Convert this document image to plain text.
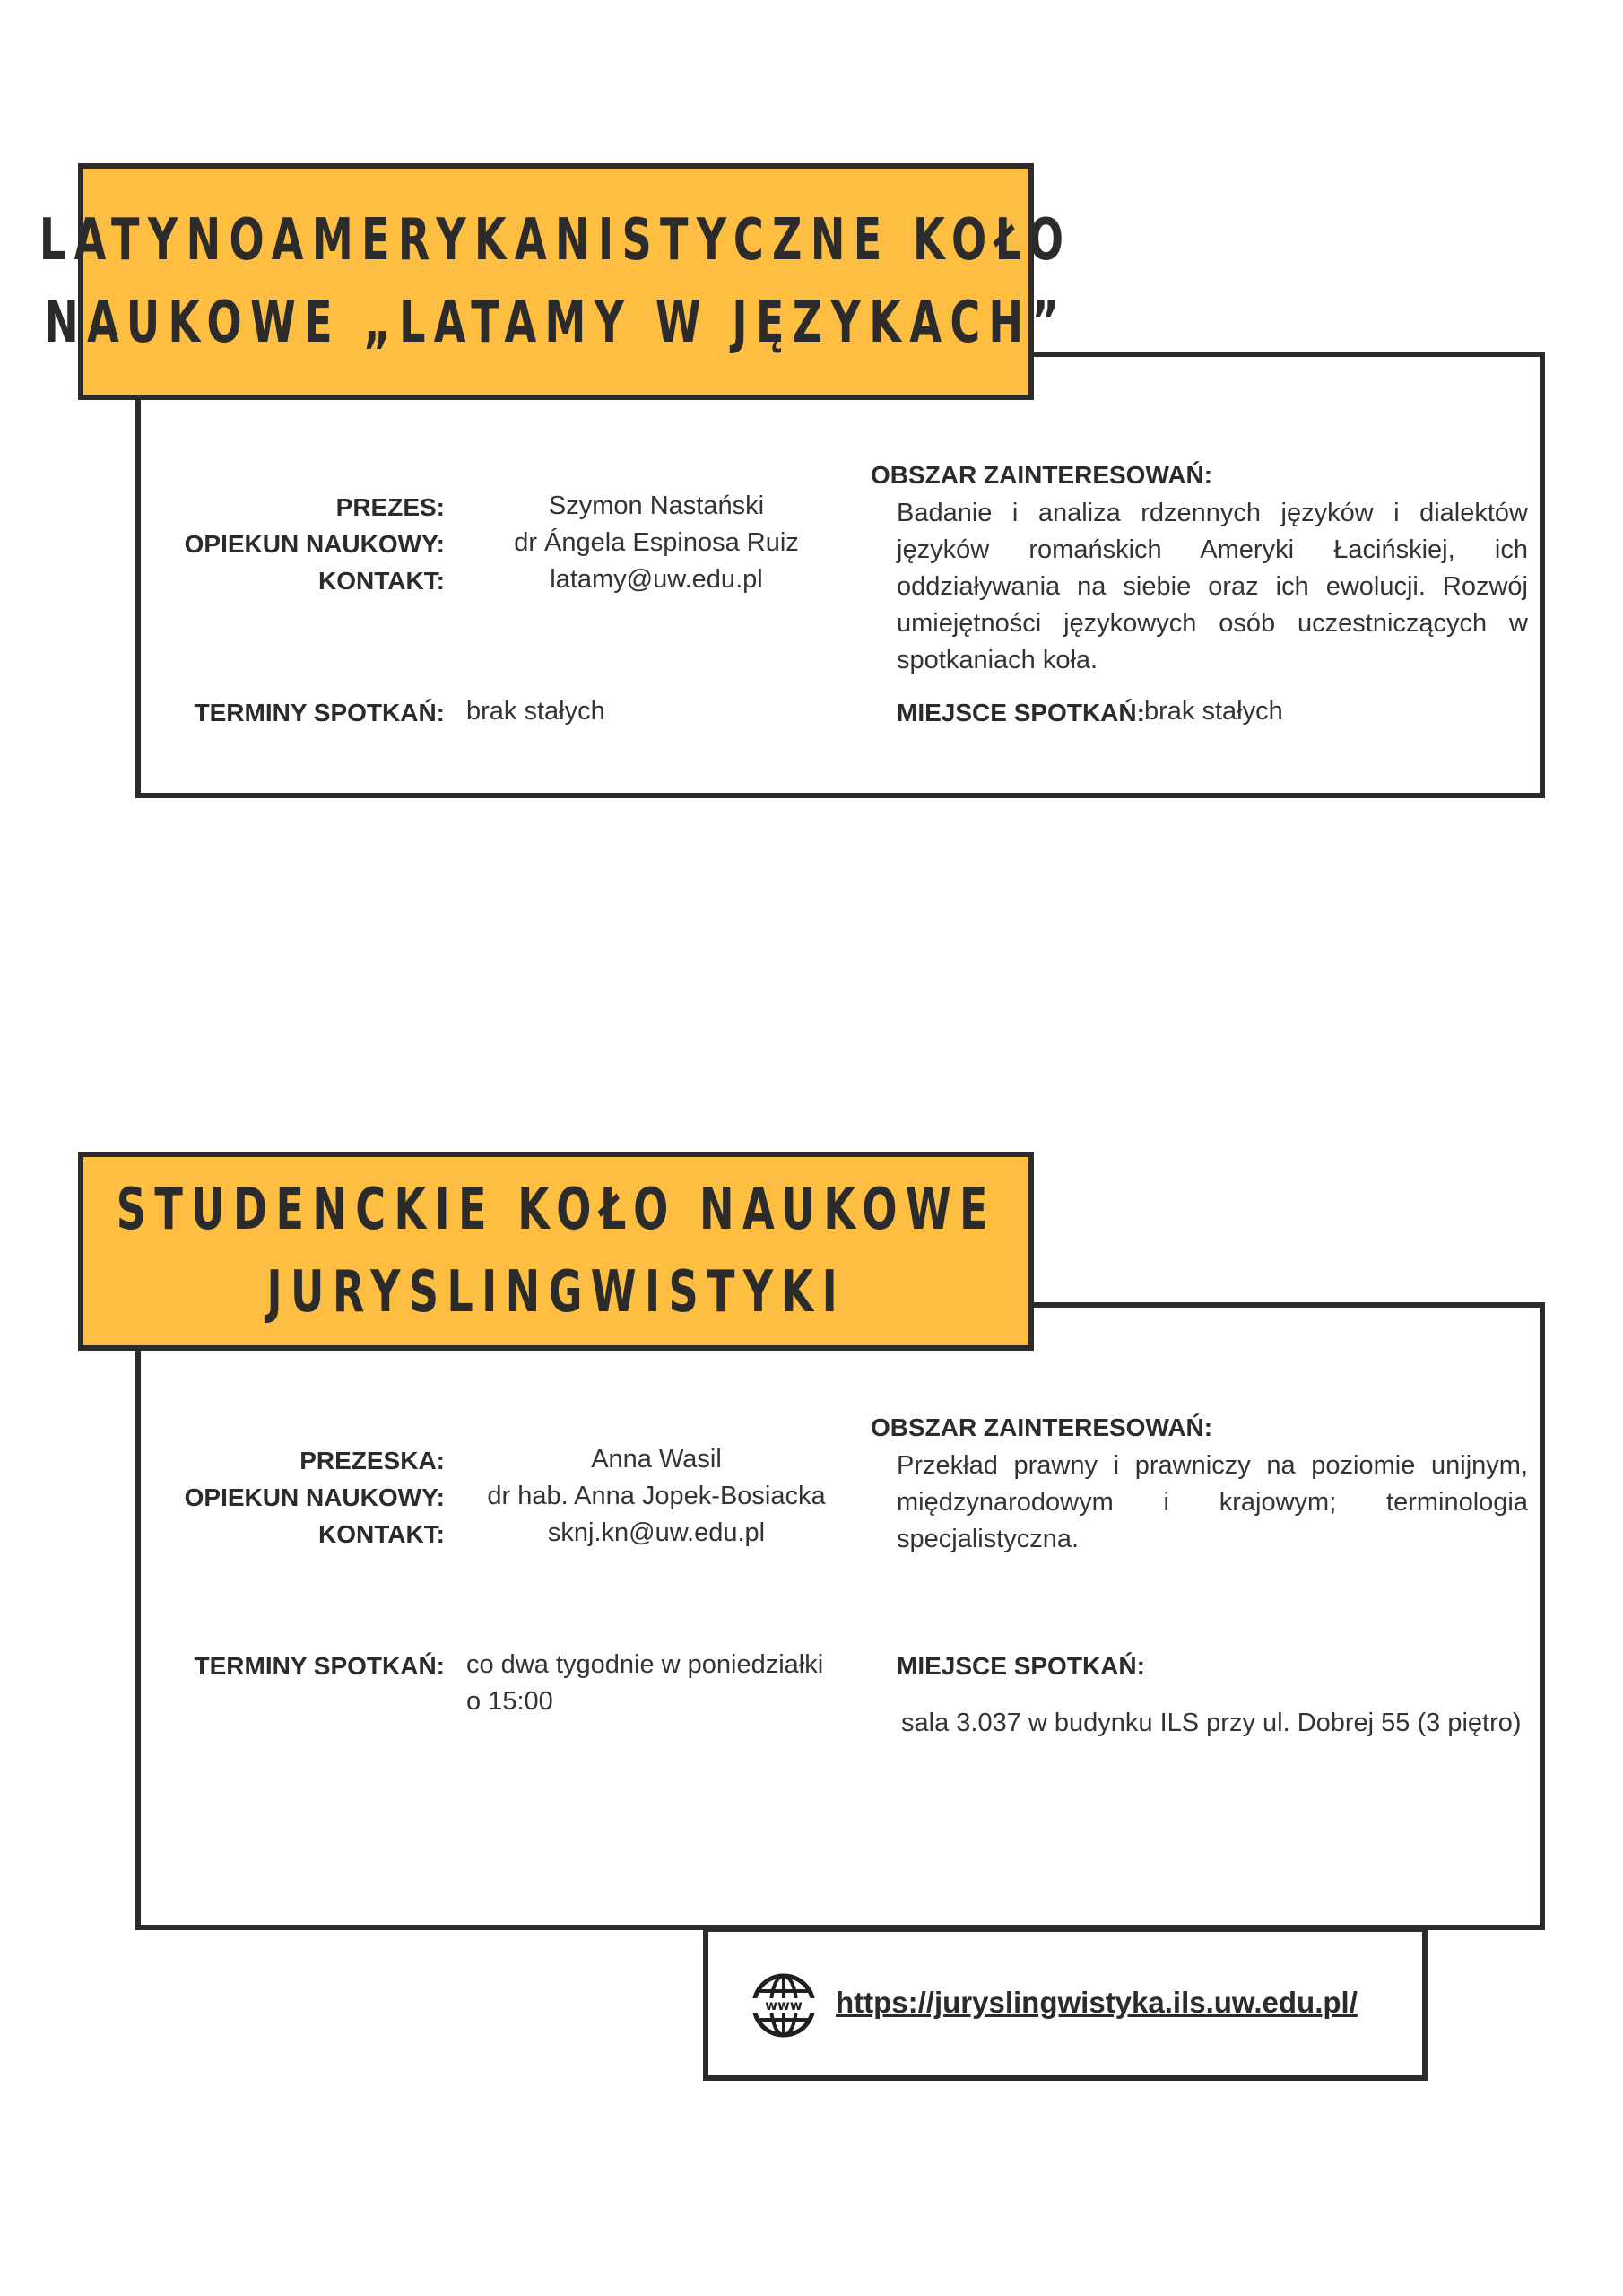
LATYNOAMERYKANISTYCZNE KOŁO
NAUKOWE „LATAMY W JĘZYKACH”
PREZES:
OPIEKUN NAUKOWY:
KONTAKT:
Szymon Nastański
dr Ángela Espinosa Ruiz
latamy@uw.edu.pl
OBSZAR ZAINTERESOWAŃ:
Badanie i analiza rdzennych języków i dialektów języków romańskich Ameryki Łacińskiej, ich oddziaływania na siebie oraz ich ewolucji. Rozwój umiejętności językowych osób uczestniczących w spotkaniach koła.
TERMINY SPOTKAŃ: brak stałych	MIEJSCE SPOTKAŃ: brak stałych
STUDENCKIE KOŁO NAUKOWE
JURYSLINGWISTYKI
PREZESKA:
OPIEKUN NAUKOWY:
KONTAKT:
Anna Wasil
dr hab. Anna Jopek-Bosiacka
sknj.kn@uw.edu.pl
OBSZAR ZAINTERESOWAŃ:
Przekład prawny i prawniczy na poziomie unijnym, międzynarodowym i krajowym; terminologia specjalistyczna.
TERMINY SPOTKAŃ: co dwa tygodnie w poniedziałki
o 15:00
MIEJSCE SPOTKAŃ:
sala 3.037 w budynku ILS przy ul. Dobrej 55 (3 piętro)
www https://juryslingwistyka.ils.uw.edu.pl/
